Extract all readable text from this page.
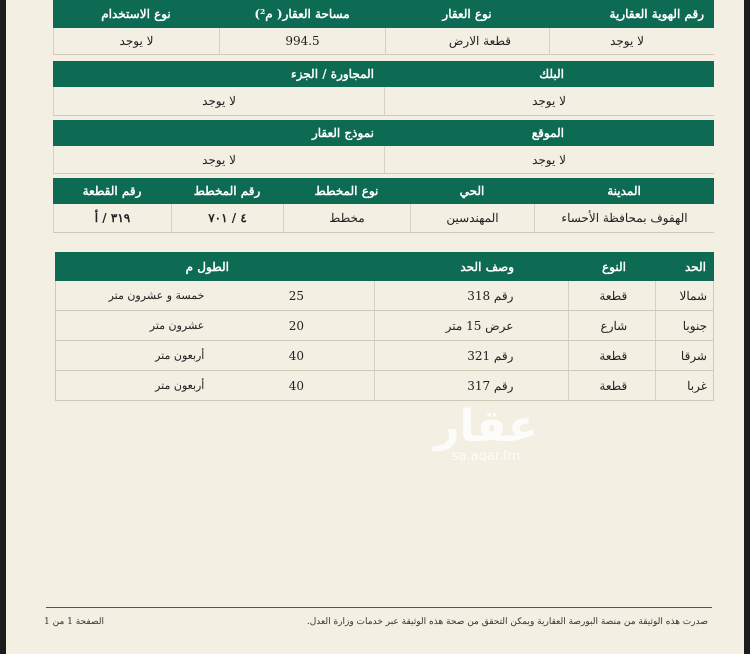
رقم الهوية العقارية
نوع العقار
مساحة العقار( م²)
نوع الاستخدام
لا يوجد
قطعة الارض
994.5
لا يوجد
البلك
المجاورة / الجزء
لا يوجد
لا يوجد
الموقع
نموذج العقار
لا يوجد
لا يوجد
المدينة
الحي
نوع المخطط
رقم المخطط
رقم القطعة
الهفوف بمحافظة الأحساء
المهندسين
مخطط
٤ / ٧٠١
٣١٩ / أ
الحد
النوع
وصف الحد
الطول م
شمالا
قطعة
رقم 318
25
خمسة و عشرون متر
جنوبا
شارع
عرض 15 متر
20
عشرون متر
شرقا
قطعة
رقم 321
40
أربعون متر
غربا
قطعة
رقم 317
40
أربعون متر
عقار
sa.aqar.fm
صدرت هذه الوثيقة من منصة البورصة العقارية ويمكن التحقق من صحة هذه الوثيقة عبر خدمات وزارة العدل.
الصفحة 1 من 1
